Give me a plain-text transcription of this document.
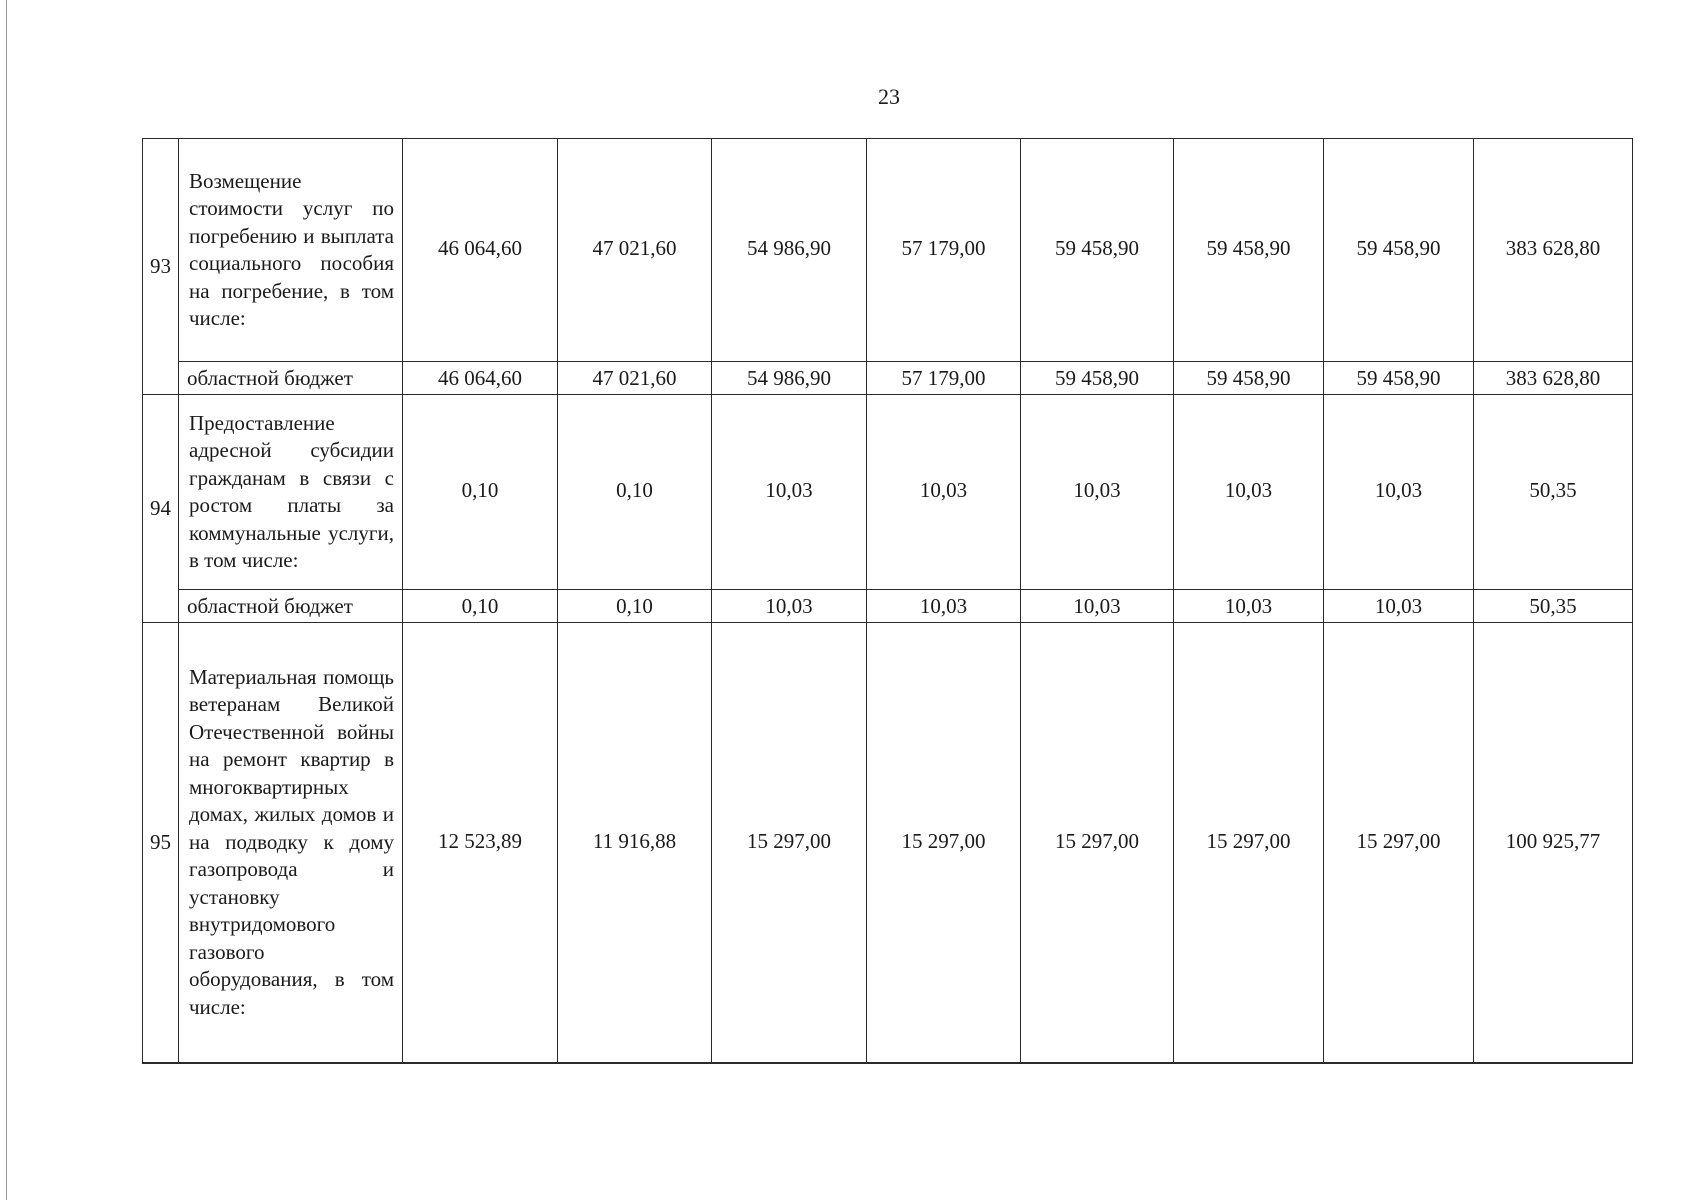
23
93	Возмещение стоимости услуг по погребению и выплата социального пособия на погребение, в том числе:	46 064,60	47 021,60	54 986,90	57 179,00	59 458,90	59 458,90	59 458,90	383 628,80
	областной бюджет	46 064,60	47 021,60	54 986,90	57 179,00	59 458,90	59 458,90	59 458,90	383 628,80
94	Предоставление адресной субсидии гражданам в связи с ростом платы за коммунальные услуги, в том числе:	0,10	0,10	10,03	10,03	10,03	10,03	10,03	50,35
	областной бюджет	0,10	0,10	10,03	10,03	10,03	10,03	10,03	50,35
95	Материальная помощь ветеранам Великой Отечественной войны на ремонт квартир в многоквартирных домах, жилых домов и на подводку к дому газопровода и установку внутридомового газового оборудования, в том числе:	12 523,89	11 916,88	15 297,00	15 297,00	15 297,00	15 297,00	15 297,00	100 925,77
